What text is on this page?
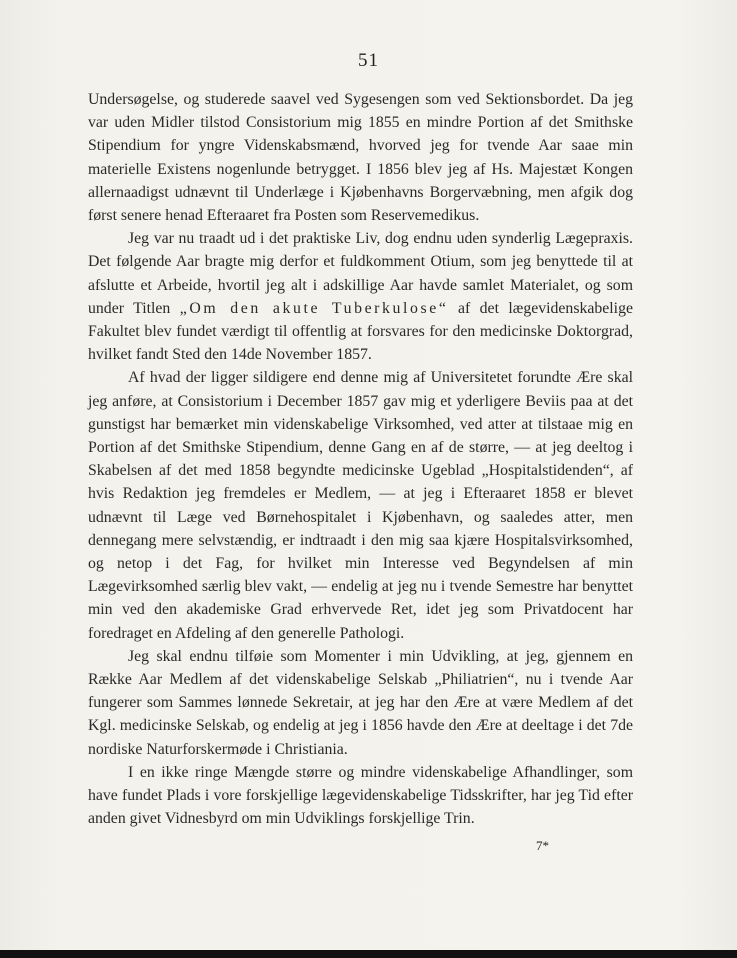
51

Undersøgelse, og studerede saavel ved Sygesengen som ved Sektionsbordet. Da jeg var uden Midler tilstod Consistorium mig 1855 en mindre Portion af det Smithske Stipendium for yngre Videnskabsmænd, hvorved jeg for tvende Aar saae min materielle Existens nogenlunde betrygget. I 1856 blev jeg af Hs. Majestæt Kongen allernaadigst udnævnt til Underlæge i Kjøbenhavns Borgervæbning, men afgik dog først senere henad Efteraaret fra Posten som Reservemedikus.

Jeg var nu traadt ud i det praktiske Liv, dog endnu uden synderlig Lægepraxis. Det følgende Aar bragte mig derfor et fuldkomment Otium, som jeg benyttede til at afslutte et Arbeide, hvortil jeg alt i adskillige Aar havde samlet Materialet, og som under Titlen „Om den akute Tuberkulose“ af det lægevidenskabelige Fakultet blev fundet værdigt til offentlig at forsvares for den medicinske Doktorgrad, hvilket fandt Sted den 14de November 1857.

Af hvad der ligger sildigere end denne mig af Universitetet forundte Ære skal jeg anføre, at Consistorium i December 1857 gav mig et yderligere Beviis paa at det gunstigst har bemærket min videnskabelige Virksomhed, ved atter at tilstaae mig en Portion af det Smithske Stipendium, denne Gang en af de større, — at jeg deeltog i Skabelsen af det med 1858 begyndte medicinske Ugeblad „Hospitalstidenden“, af hvis Redaktion jeg fremdeles er Medlem, — at jeg i Efteraaret 1858 er blevet udnævnt til Læge ved Børnehospitalet i Kjøbenhavn, og saaledes atter, men dennegang mere selvstændig, er indtraadt i den mig saa kjære Hospitalsvirksomhed, og netop i det Fag, for hvilket min Interesse ved Begyndelsen af min Lægevirksomhed særlig blev vakt, — endelig at jeg nu i tvende Semestre har benyttet min ved den akademiske Grad erhvervede Ret, idet jeg som Privatdocent har foredraget en Afdeling af den generelle Pathologi.

Jeg skal endnu tilføie som Momenter i min Udvikling, at jeg, gjennem en Række Aar Medlem af det videnskabelige Selskab „Philiatrien“, nu i tvende Aar fungerer som Sammes lønnede Sekretair, at jeg har den Ære at være Medlem af det Kgl. medicinske Selskab, og endelig at jeg i 1856 havde den Ære at deeltage i det 7de nordiske Naturforskermøde i Christiania.

I en ikke ringe Mængde større og mindre videnskabelige Afhandlinger, som have fundet Plads i vore forskjellige lægevidenskabelige Tidsskrifter, har jeg Tid efter anden givet Vidnesbyrd om min Udviklings forskjellige Trin.

7*
